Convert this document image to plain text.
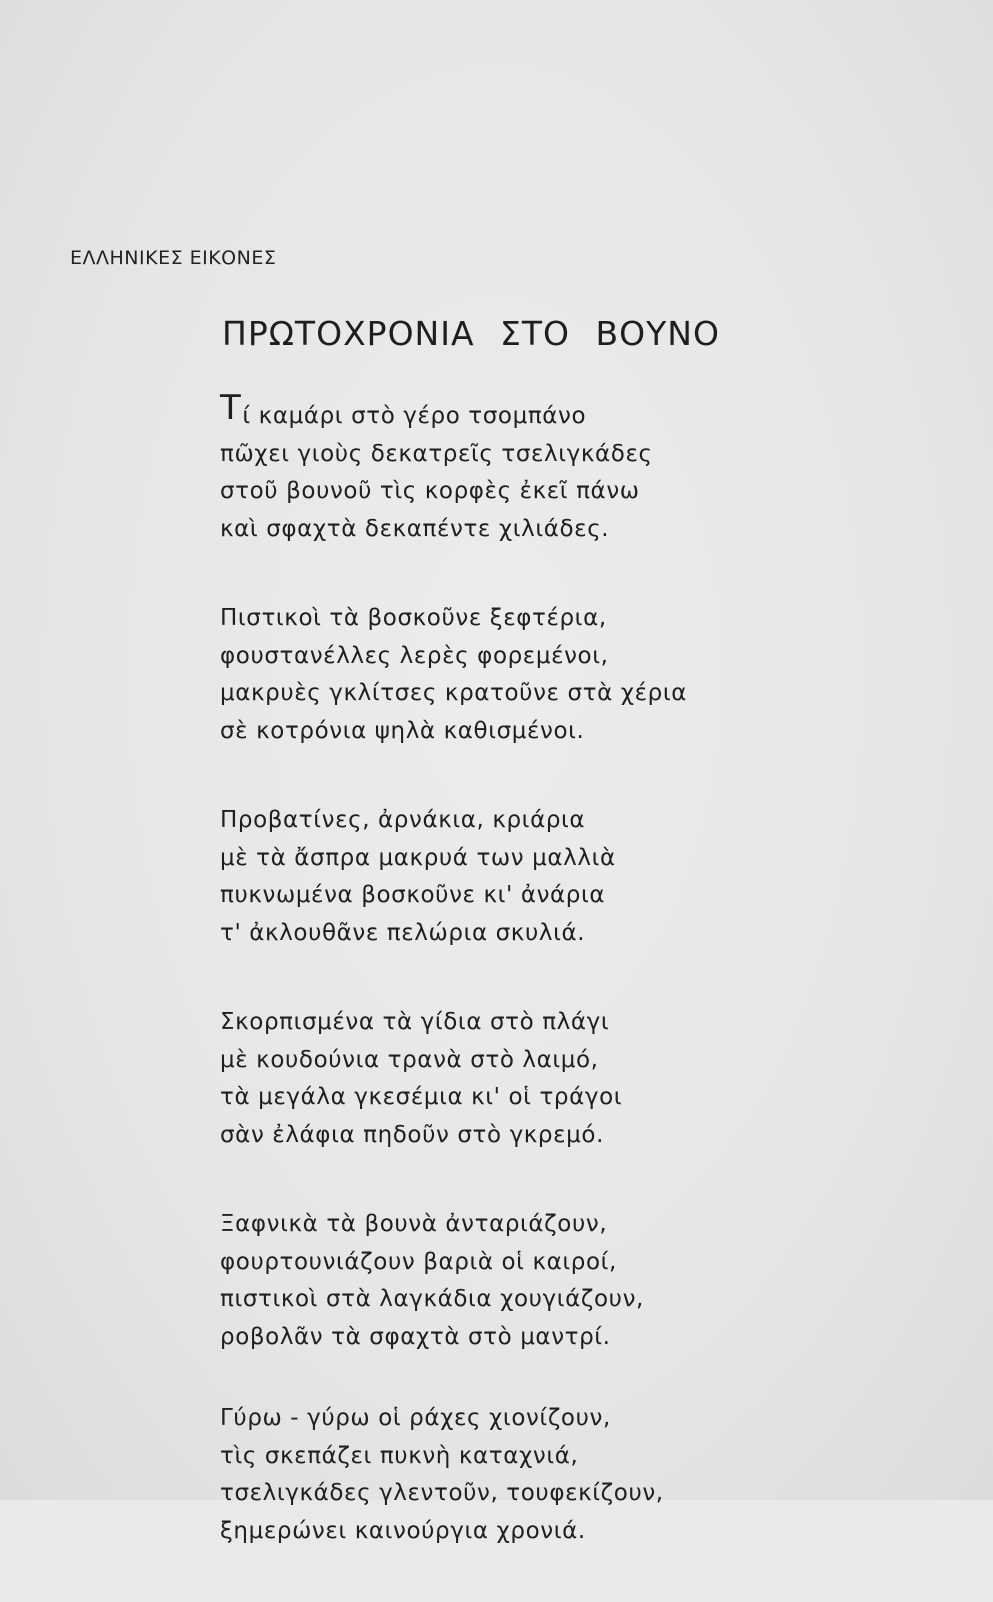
ΕΛΛΗΝΙΚΕΣ ΕΙΚΟΝΕΣ
ΠΡΩΤΟΧΡΟΝΙΑ ΣΤΟ ΒΟΥΝΟ
Τί καμάρι στὸ γέρο τσομπάνο
πῶχει γιοὺς δεκατρεῖς τσελιγκάδες
στοῦ βουνοῦ τὶς κορφὲς ἐκεῖ πάνω
καὶ σφαχτὰ δεκαπέντε χιλιάδες.
Πιστικοὶ τὰ βοσκοῦνε ξεφτέρια,
φουστανέλλες λερὲς φορεμένοι,
μακρυὲς γκλίτσες κρατοῦνε στὰ χέρια
σὲ κοτρόνια ψηλὰ καθισμένοι.
Προβατίνες, ἀρνάκια, κριάρια
μὲ τὰ ἄσπρα μακρυά των μαλλιὰ
πυκνωμένα βοσκοῦνε κι' ἀνάρια
τ' ἀκλουθᾶνε πελώρια σκυλιά.
Σκορπισμένα τὰ γίδια στὸ πλάγι
μὲ κουδούνια τρανὰ στὸ λαιμό,
τὰ μεγάλα γκεσέμια κι' οἱ τράγοι
σὰν ἐλάφια πηδοῦν στὸ γκρεμό.
Ξαφνικὰ τὰ βουνὰ ἀνταριάζουν,
φουρτουνιάζουν βαριὰ οἱ καιροί,
πιστικοὶ στὰ λαγκάδια χουγιάζουν,
ροβολᾶν τὰ σφαχτὰ στὸ μαντρί.
Γύρω - γύρω οἱ ράχες χιονίζουν,
τὶς σκεπάζει πυκνὴ καταχνιά,
τσελιγκάδες γλεντοῦν, τουφεκίζουν,
ξημερώνει καινούργια χρονιά.
